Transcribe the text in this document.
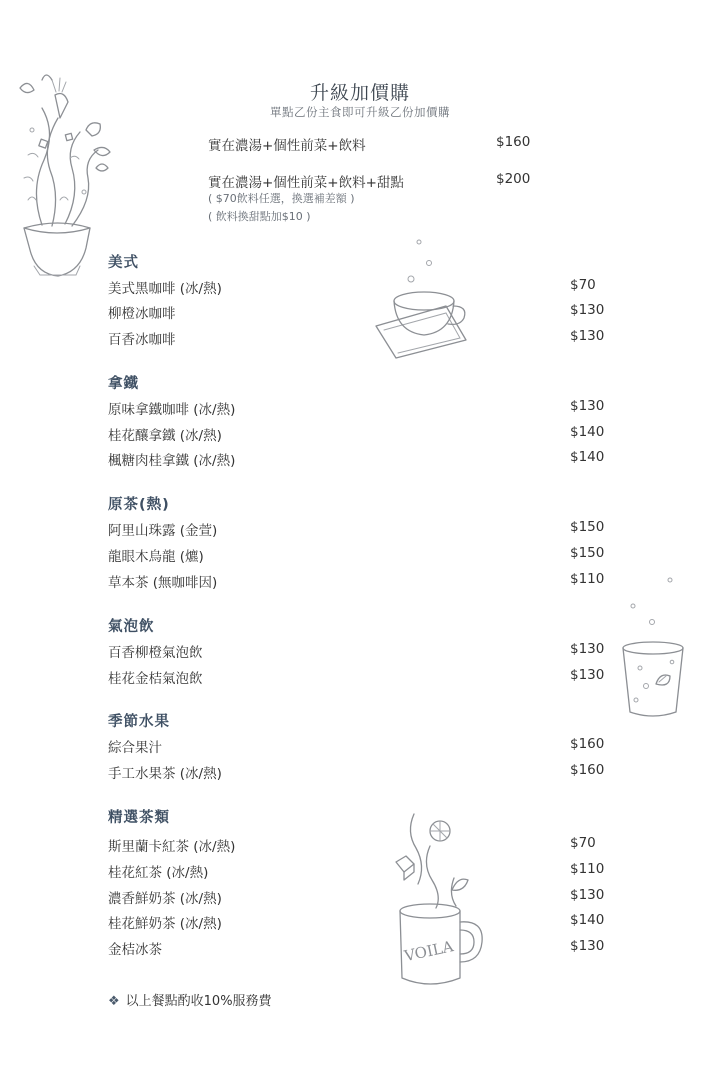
升級加價購
單點乙份主食即可升級乙份加價購
實在濃湯+個性前菜+飲料	$160
實在濃湯+個性前菜+飲料+甜點	$200
( $70飲料任選，換選補差額 )
( 飲料換甜點加$10 )
美式
美式黑咖啡 (冰/熱)	$70
柳橙冰咖啡	$130
百香冰咖啡	$130
拿鐵
原味拿鐵咖啡 (冰/熱)	$130
桂花釀拿鐵 (冰/熱)	$140
楓糖肉桂拿鐵 (冰/熱)	$140
原茶(熱)
阿里山珠露 (金萱)	$150
龍眼木烏龍 (爊)	$150
草本茶 (無咖啡因)	$110
氣泡飲
百香柳橙氣泡飲	$130
桂花金桔氣泡飲	$130
季節水果
綜合果汁	$160
手工水果茶 (冰/熱)	$160
精選茶類
斯里蘭卡紅茶 (冰/熱)	$70
桂花紅茶 (冰/熱)	$110
濃香鮮奶茶 (冰/熱)	$130
桂花鮮奶茶 (冰/熱)	$140
金桔冰茶	$130
❖ 以上餐點酌收10%服務費
VOILA
